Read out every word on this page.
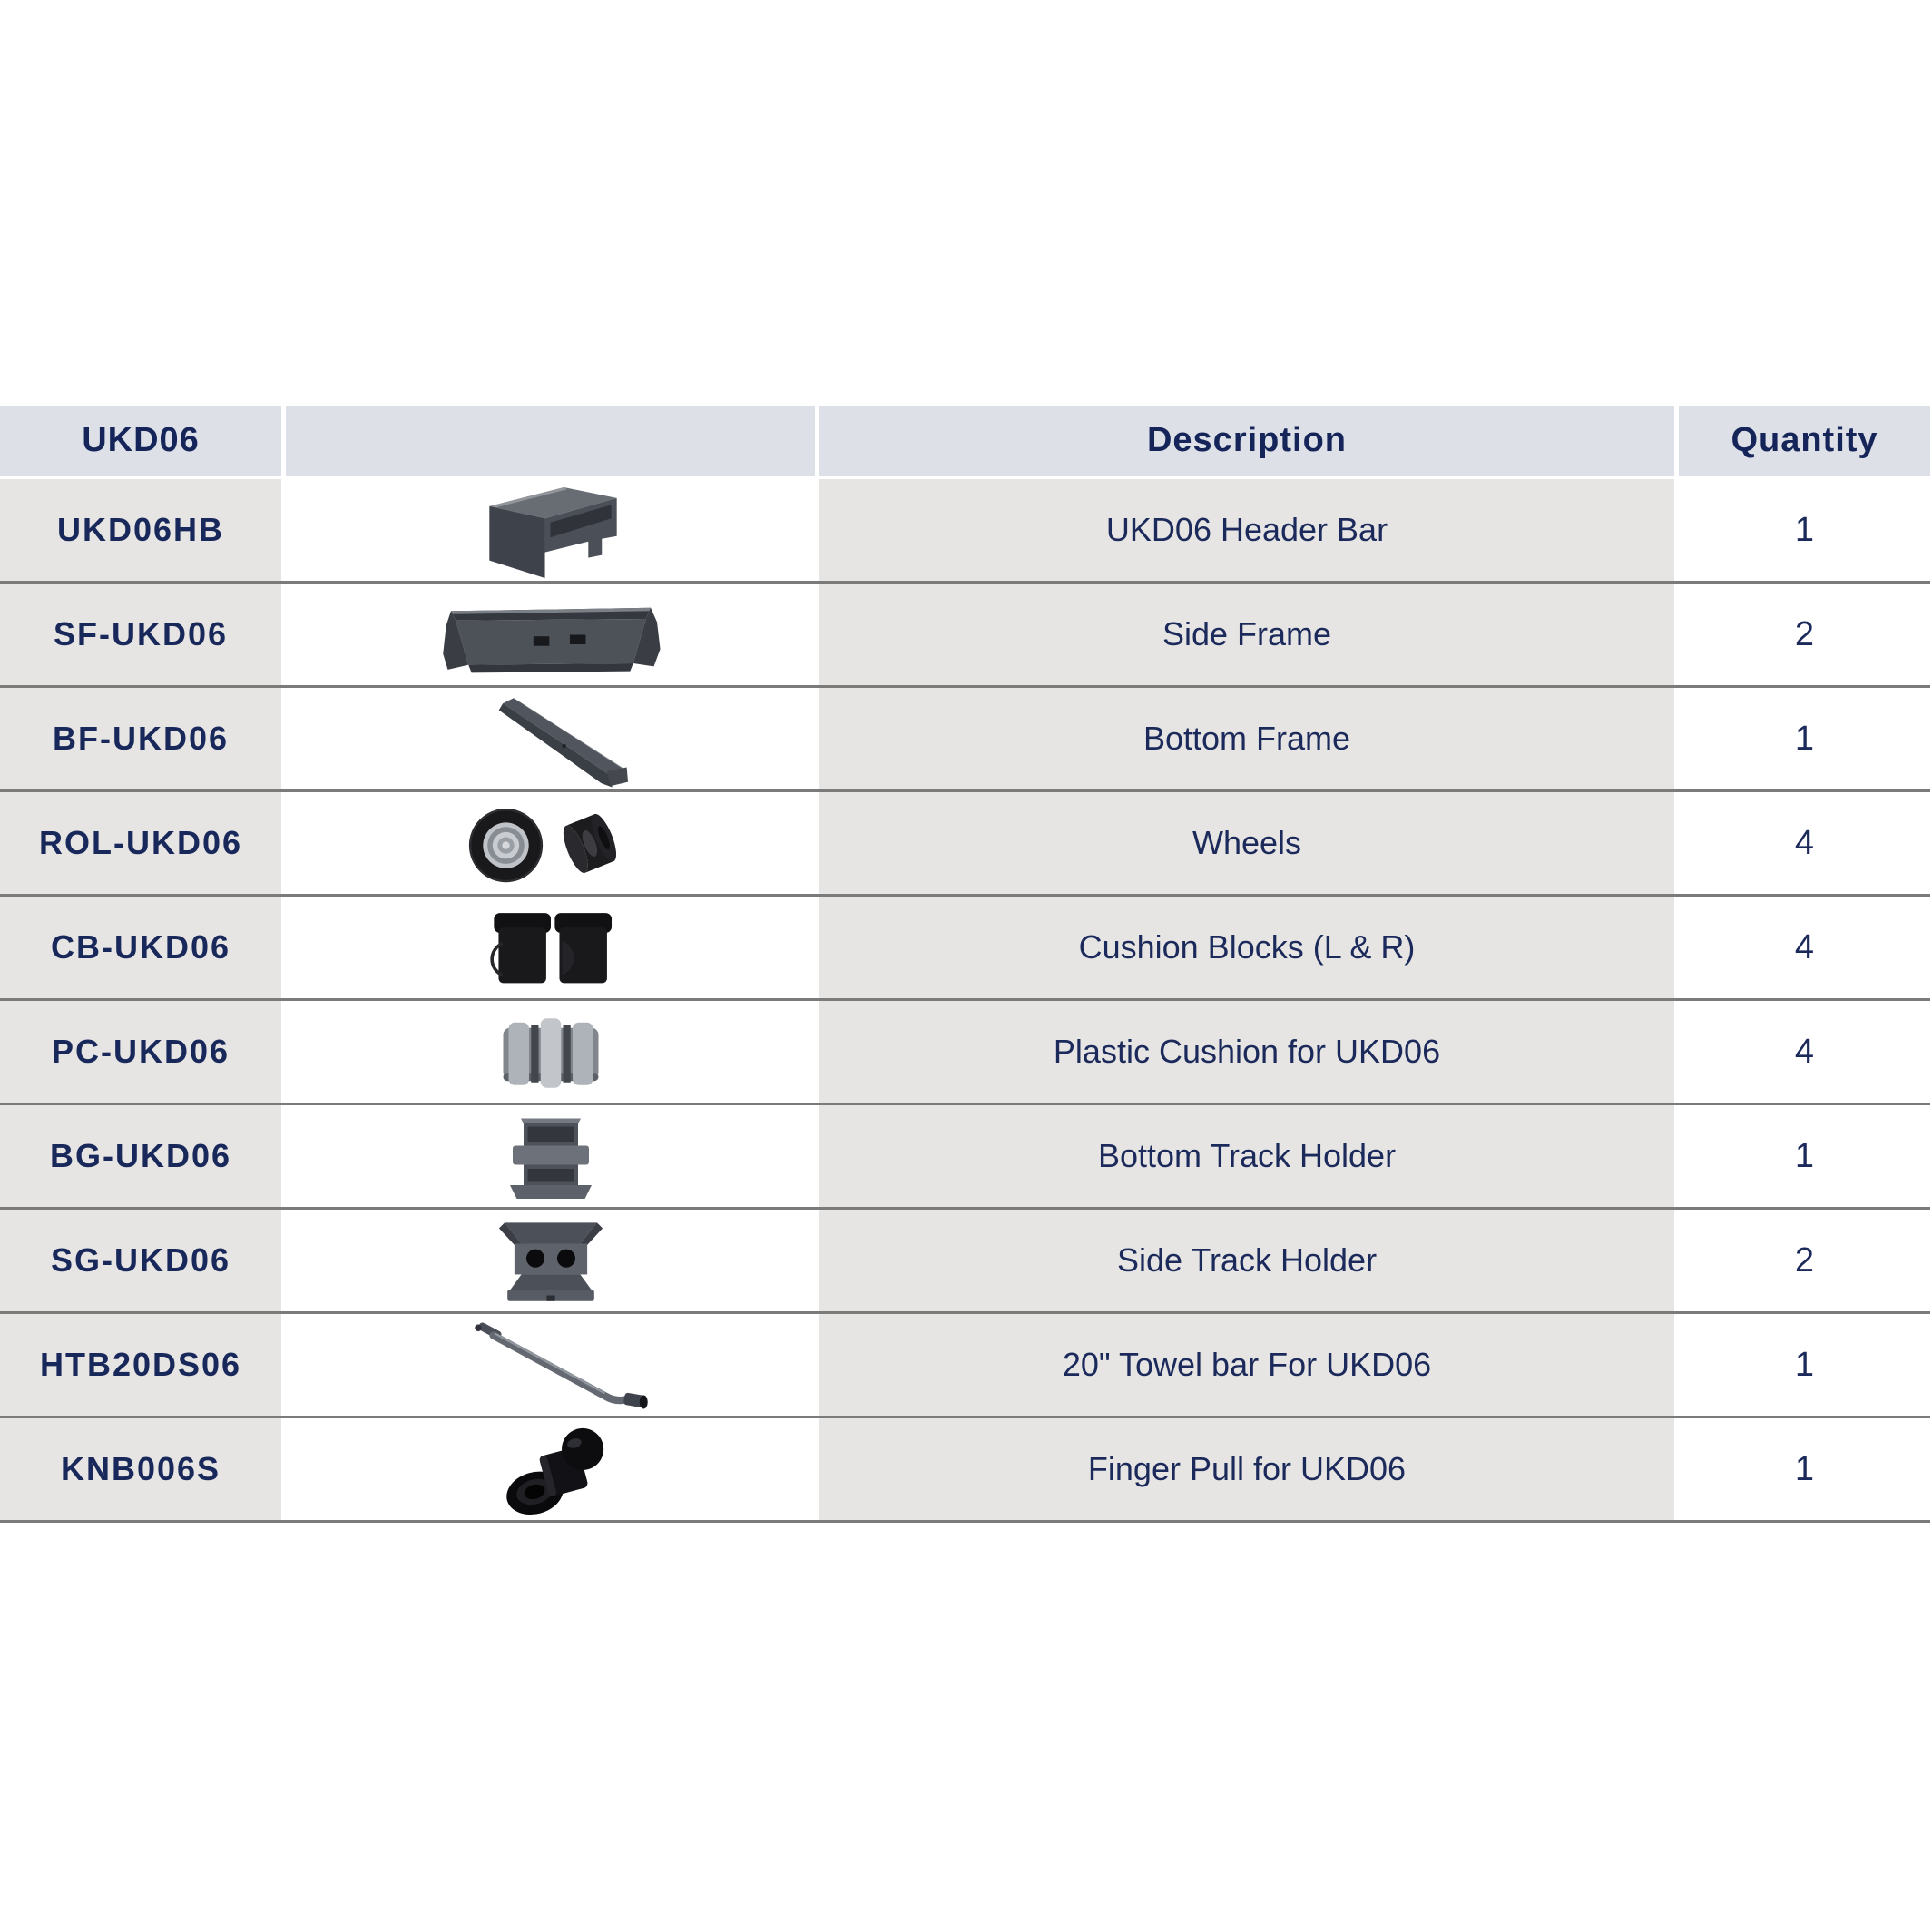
UKD06	Description	Quantity
UKD06HB	UKD06 Header Bar	1
SF-UKD06	Side Frame	2
BF-UKD06	Bottom Frame	1
ROL-UKD06	Wheels	4
CB-UKD06	Cushion Blocks (L & R)	4
PC-UKD06	Plastic Cushion for UKD06	4
BG-UKD06	Bottom Track Holder	1
SG-UKD06	Side Track Holder	2
HTB20DS06	20" Towel bar For UKD06	1
KNB006S	Finger Pull for UKD06	1
